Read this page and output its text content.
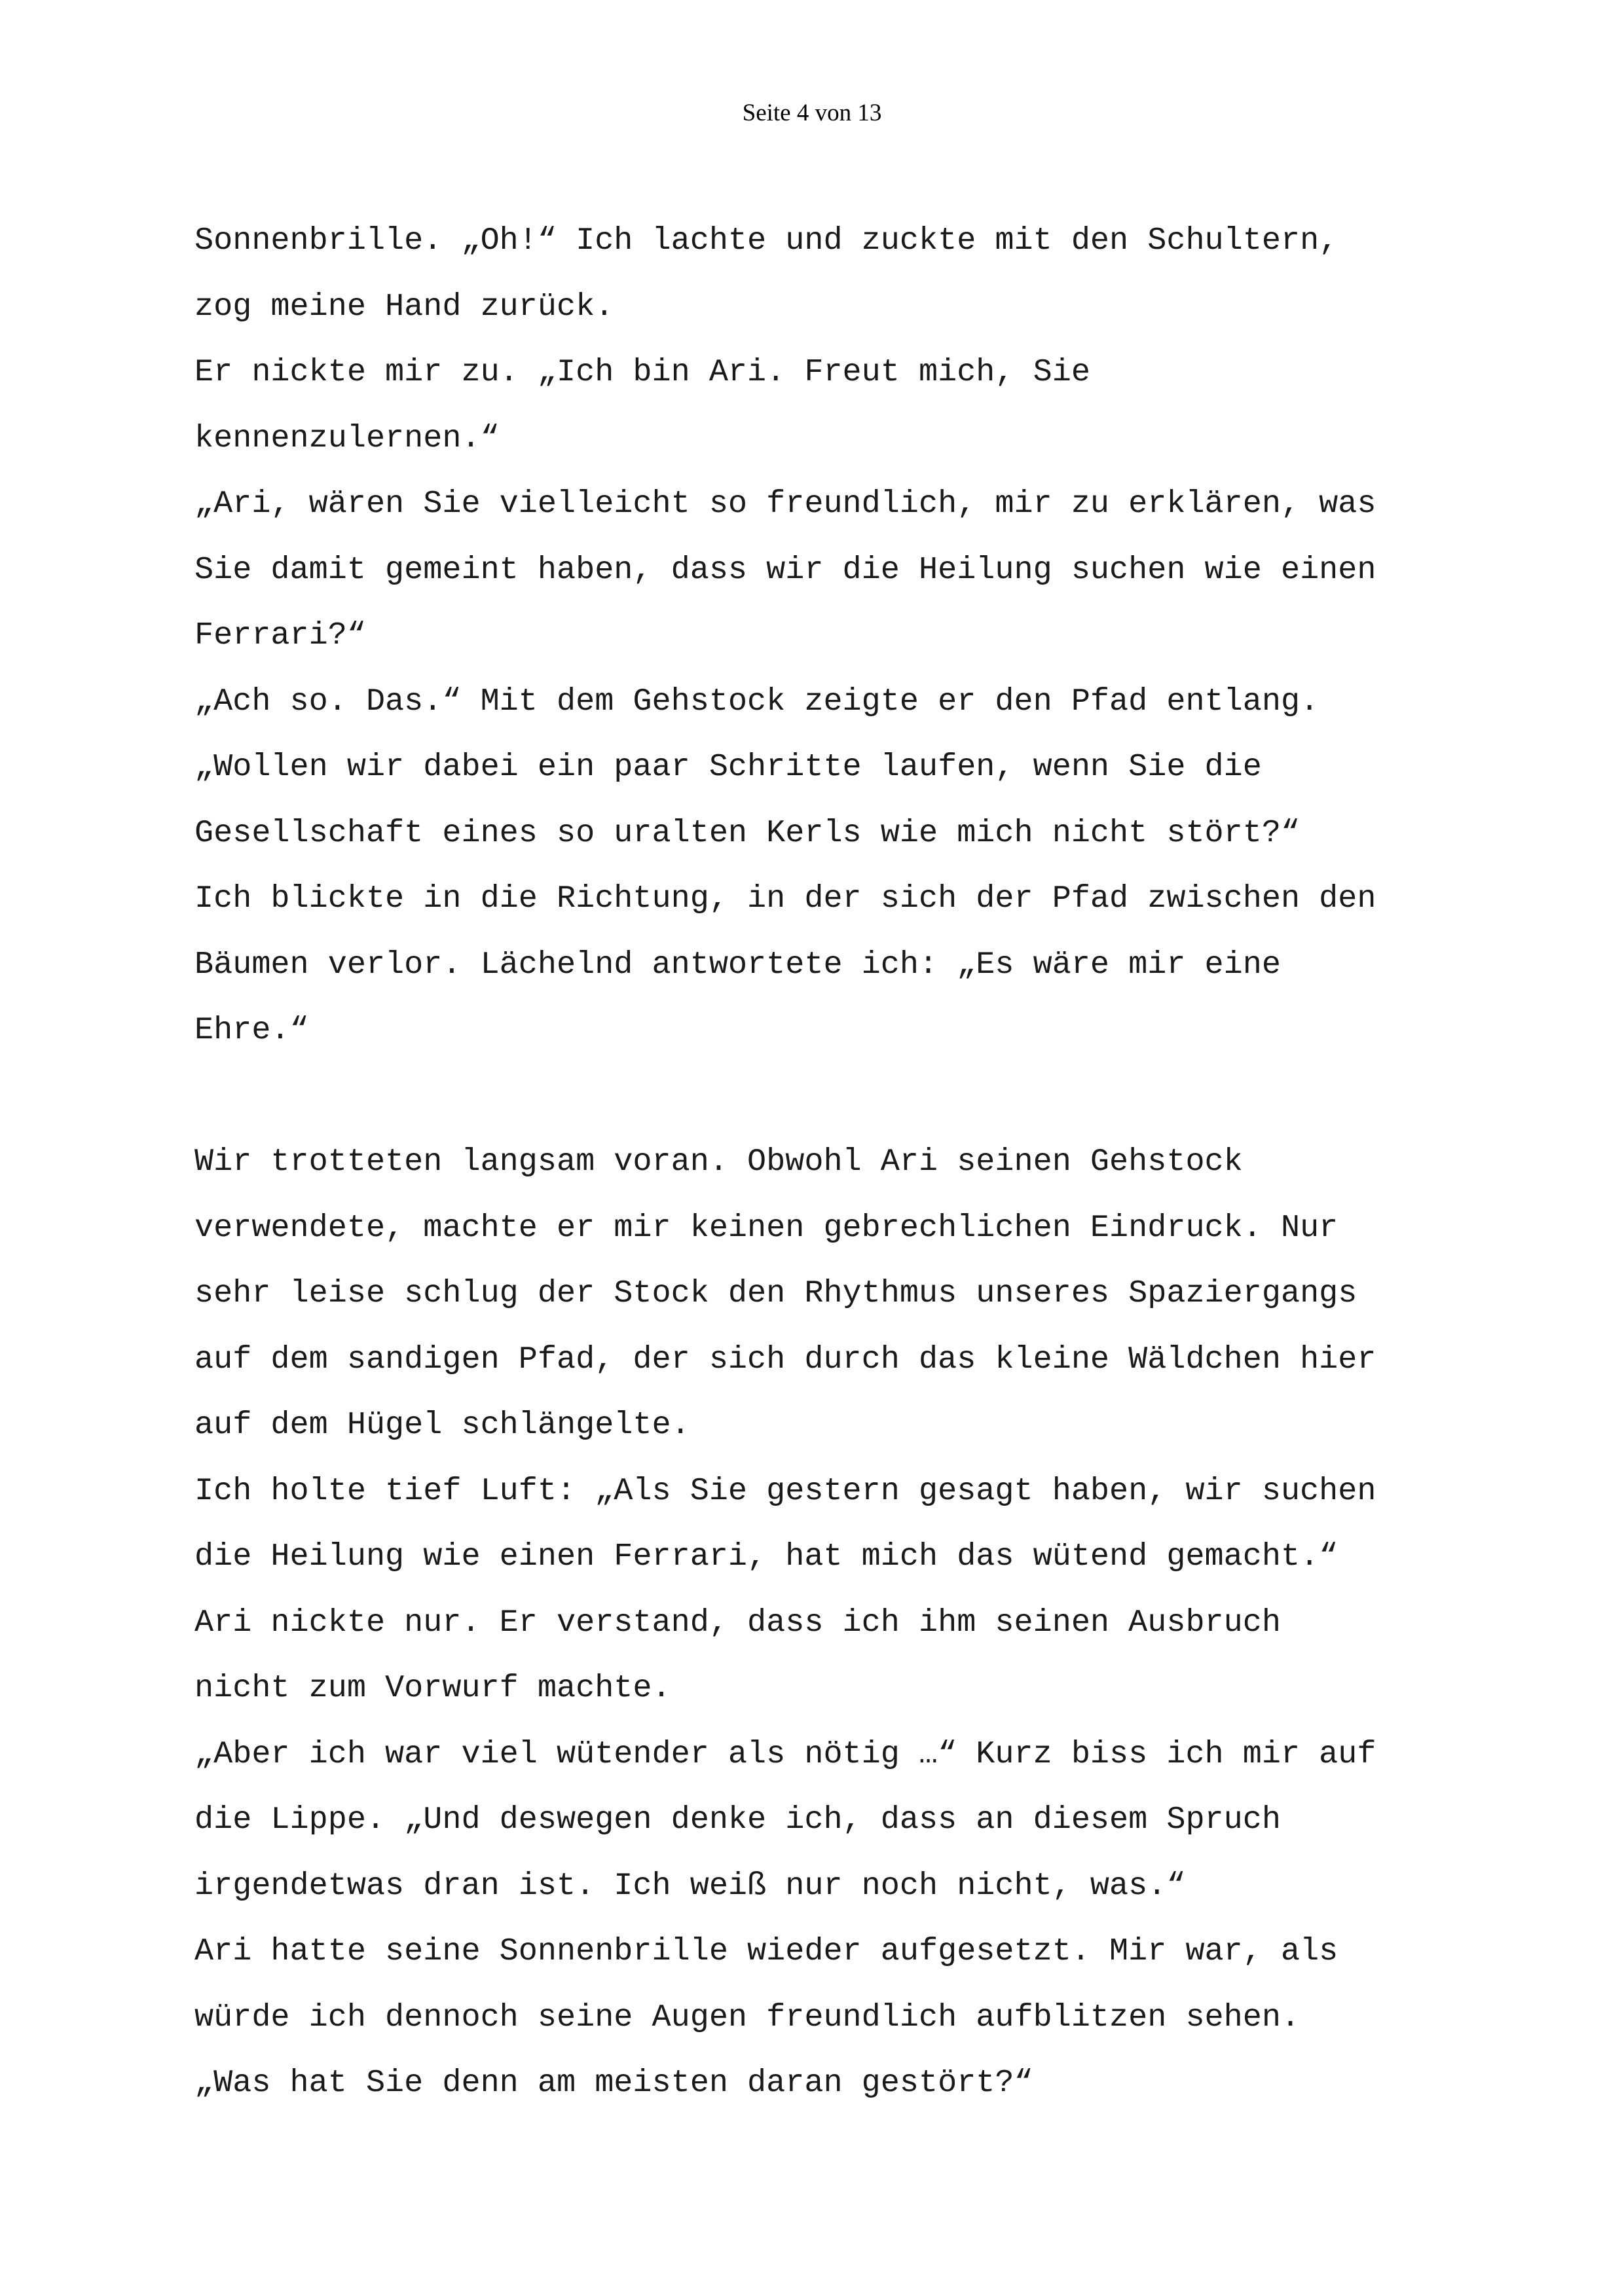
Seite 4 von 13
Sonnenbrille. „Oh!“ Ich lachte und zuckte mit den Schultern,
zog meine Hand zurück.
Er nickte mir zu. „Ich bin Ari. Freut mich, Sie
kennenzulernen.“
„Ari, wären Sie vielleicht so freundlich, mir zu erklären, was
Sie damit gemeint haben, dass wir die Heilung suchen wie einen
Ferrari?“
„Ach so. Das.“ Mit dem Gehstock zeigte er den Pfad entlang.
„Wollen wir dabei ein paar Schritte laufen, wenn Sie die
Gesellschaft eines so uralten Kerls wie mich nicht stört?“
Ich blickte in die Richtung, in der sich der Pfad zwischen den
Bäumen verlor. Lächelnd antwortete ich: „Es wäre mir eine
Ehre.“
Wir trotteten langsam voran. Obwohl Ari seinen Gehstock
verwendete, machte er mir keinen gebrechlichen Eindruck. Nur
sehr leise schlug der Stock den Rhythmus unseres Spaziergangs
auf dem sandigen Pfad, der sich durch das kleine Wäldchen hier
auf dem Hügel schlängelte.
Ich holte tief Luft: „Als Sie gestern gesagt haben, wir suchen
die Heilung wie einen Ferrari, hat mich das wütend gemacht.“
Ari nickte nur. Er verstand, dass ich ihm seinen Ausbruch
nicht zum Vorwurf machte.
„Aber ich war viel wütender als nötig …“ Kurz biss ich mir auf
die Lippe. „Und deswegen denke ich, dass an diesem Spruch
irgendetwas dran ist. Ich weiß nur noch nicht, was.“
Ari hatte seine Sonnenbrille wieder aufgesetzt. Mir war, als
würde ich dennoch seine Augen freundlich aufblitzen sehen.
„Was hat Sie denn am meisten daran gestört?“
